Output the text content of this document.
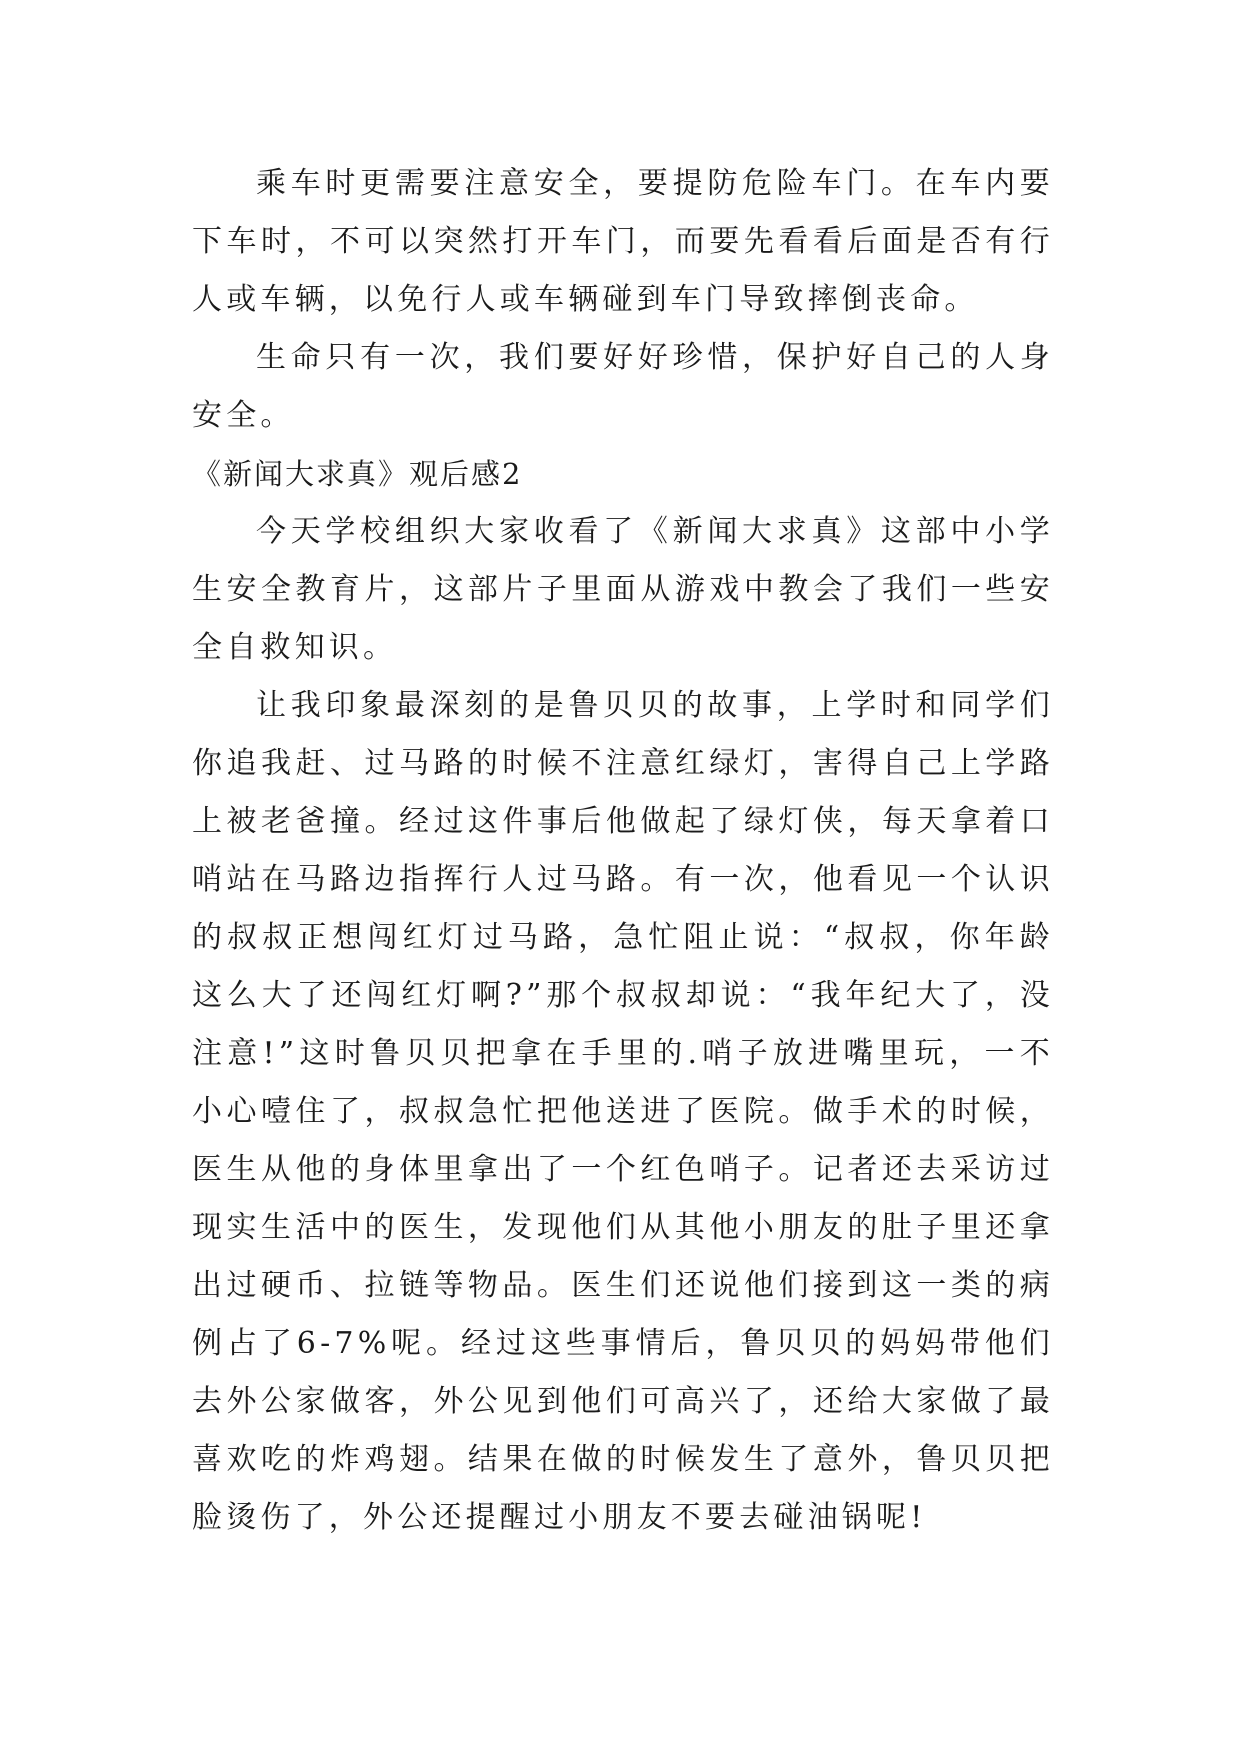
乘车时更需要注意安全，要提防危险车门。在车内要下车时，不可以突然打开车门，而要先看看后面是否有行人或车辆，以免行人或车辆碰到车门导致摔倒丧命。

生命只有一次，我们要好好珍惜，保护好自己的人身安全。

《新闻大求真》观后感2

今天学校组织大家收看了《新闻大求真》这部中小学生安全教育片，这部片子里面从游戏中教会了我们一些安全自救知识。

让我印象最深刻的是鲁贝贝的故事，上学时和同学们你追我赶、过马路的时候不注意红绿灯，害得自己上学路上被老爸撞。经过这件事后他做起了绿灯侠，每天拿着口哨站在马路边指挥行人过马路。有一次，他看见一个认识的叔叔正想闯红灯过马路，急忙阻止说：“叔叔，你年龄这么大了还闯红灯啊?”那个叔叔却说：“我年纪大了，没注意!”这时鲁贝贝把拿在手里的.哨子放进嘴里玩，一不小心噎住了，叔叔急忙把他送进了医院。做手术的时候，医生从他的身体里拿出了一个红色哨子。记者还去采访过现实生活中的医生，发现他们从其他小朋友的肚子里还拿出过硬币、拉链等物品。医生们还说他们接到这一类的病例占了6-7%呢。经过这些事情后，鲁贝贝的妈妈带他们去外公家做客，外公见到他们可高兴了，还给大家做了最喜欢吃的炸鸡翅。结果在做的时候发生了意外，鲁贝贝把脸烫伤了，外公还提醒过小朋友不要去碰油锅呢!
